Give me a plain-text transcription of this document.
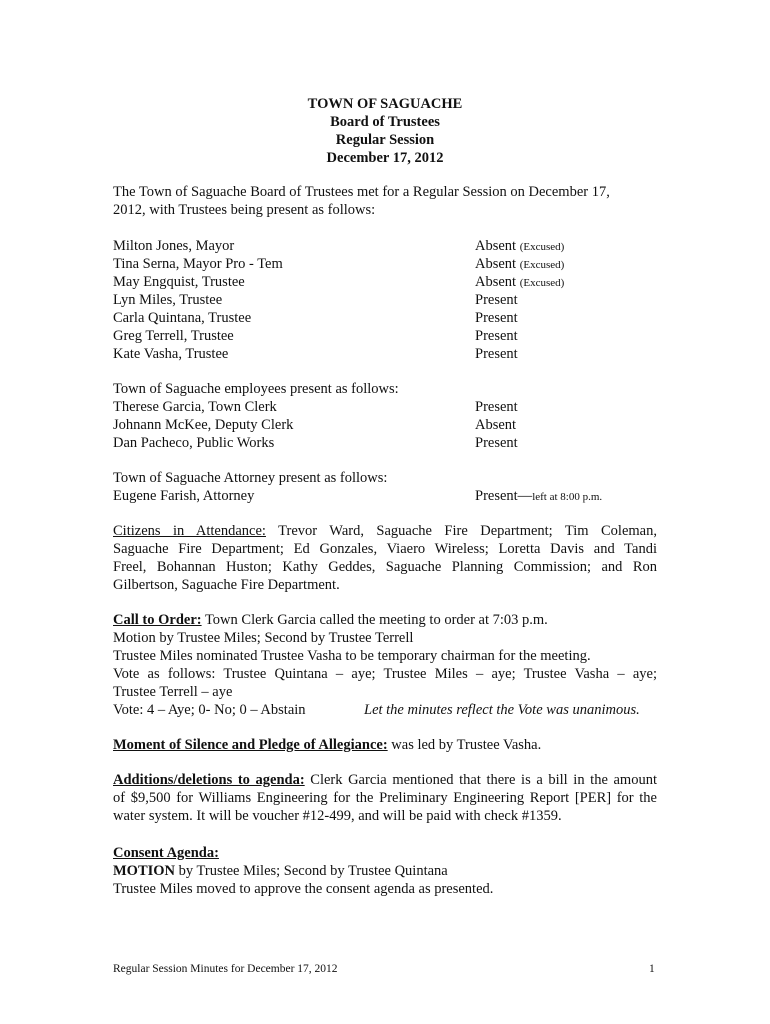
TOWN OF SAGUACHE
Board of Trustees
Regular Session
December 17, 2012
The Town of Saguache Board of Trustees met for a Regular Session on December 17,
2012, with Trustees being present as follows:
Milton Jones, Mayor	Absent (Excused)
Tina Serna, Mayor Pro - Tem	Absent (Excused)
May Engquist, Trustee	Absent (Excused)
Lyn Miles, Trustee	Present
Carla Quintana, Trustee	Present
Greg Terrell, Trustee	Present
Kate Vasha, Trustee	Present
Town of Saguache employees present as follows:
Therese Garcia, Town Clerk	Present
Johnann McKee, Deputy Clerk	Absent
Dan Pacheco, Public Works	Present
Town of Saguache Attorney present as follows:
Eugene Farish, Attorney	Present—left at 8:00 p.m.
Citizens in Attendance: Trevor Ward, Saguache Fire Department; Tim Coleman,
Saguache Fire Department; Ed Gonzales, Viaero Wireless; Loretta Davis and Tandi
Freel, Bohannan Huston; Kathy Geddes, Saguache Planning Commission; and Ron
Gilbertson, Saguache Fire Department.
Call to Order: Town Clerk Garcia called the meeting to order at 7:03 p.m.
Motion by Trustee Miles; Second by Trustee Terrell
Trustee Miles nominated Trustee Vasha to be temporary chairman for the meeting.
Vote as follows: Trustee Quintana – aye; Trustee Miles – aye; Trustee Vasha – aye;
Trustee Terrell – aye
Vote: 4 – Aye; 0- No; 0 – Abstain	Let the minutes reflect the Vote was unanimous.
Moment of Silence and Pledge of Allegiance: was led by Trustee Vasha.
Additions/deletions to agenda: Clerk Garcia mentioned that there is a bill in the amount
of $9,500 for Williams Engineering for the Preliminary Engineering Report [PER] for the
water system. It will be voucher #12-499, and will be paid with check #1359.
Consent Agenda:
MOTION by Trustee Miles; Second by Trustee Quintana
Trustee Miles moved to approve the consent agenda as presented.
Regular Session Minutes for December 17, 2012	1
